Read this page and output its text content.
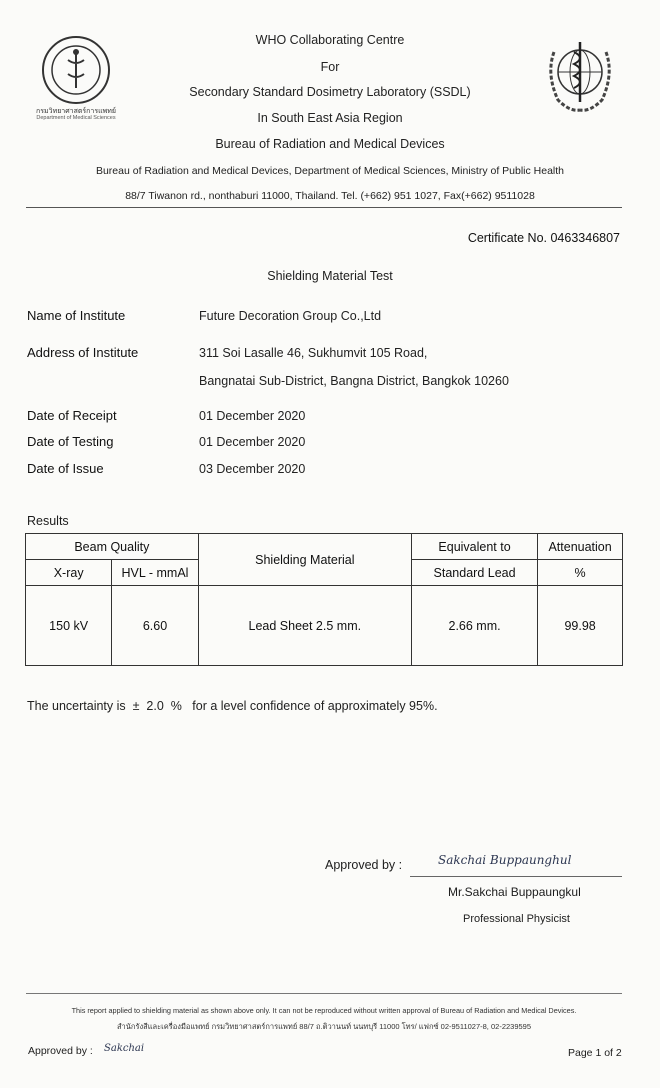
กรมวิทยาศาสตร์การแพทย์
Department of Medical Sciences
WHO Collaborating Centre
For
Secondary Standard Dosimetry Laboratory (SSDL)
In South East Asia Region
Bureau of Radiation and Medical Devices
Bureau of Radiation and Medical Devices, Department of Medical Sciences, Ministry of Public Health
88/7 Tiwanon rd., nonthaburi 11000, Thailand. Tel. (+662) 951 1027, Fax(+662) 9511028
Certificate No. 0463346807
Shielding Material Test
Name of Institute	Future Decoration Group Co.,Ltd
Address of Institute	311 Soi Lasalle 46, Sukhumvit 105 Road,
Bangnatai Sub-District, Bangna District, Bangkok 10260
Date of Receipt	01 December 2020
Date of Testing	01 December 2020
Date of Issue	03 December 2020
Results
Beam Quality		Shielding Material	Equivalent to	Attenuation
X-ray	HVL - mmAl		Standard Lead	%
150 kV	6.60	Lead Sheet 2.5 mm.	2.66 mm.	99.98
The uncertainty is  ±  2.0  %   for a level confidence of approximately 95%.
Approved by :	Sakchai Buppaunghul
Mr.Sakchai Buppaungkul
Professional Physicist
This report applied to shielding material as shown above only. It can not be reproduced without written approval of Bureau of Radiation and Medical Devices.
สำนักรังสีและเครื่องมือแพทย์ กรมวิทยาศาสตร์การแพทย์ 88/7 ถ.ติวานนท์ นนทบุรี 11000 โทร/ แฟกซ์ 02-9511027-8, 02-2239595
Approved by : Sakchai	Page 1 of 2
